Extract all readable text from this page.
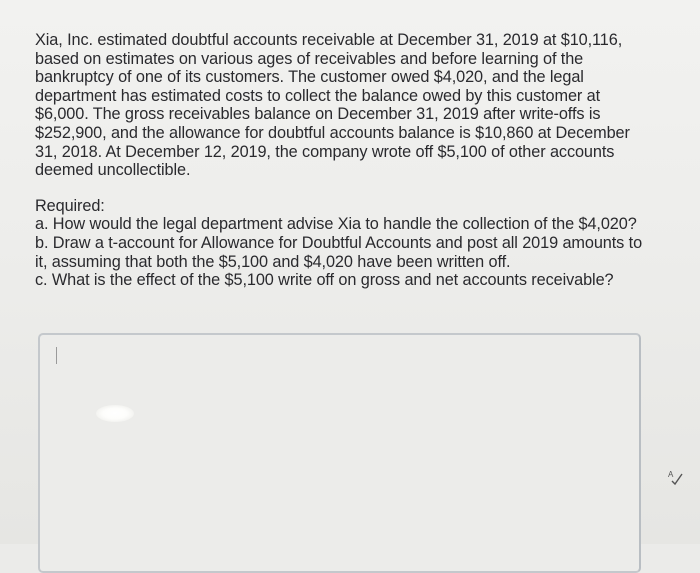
Xia, Inc. estimated doubtful accounts receivable at December 31, 2019 at $10,116, based on estimates on various ages of receivables and before learning of the bankruptcy of one of its customers. The customer owed $4,020, and the legal department has estimated costs to collect the balance owed by this customer at $6,000. The gross receivables balance on December 31, 2019 after write-offs is $252,900, and the allowance for doubtful accounts balance is $10,860 at December 31, 2018. At December 12, 2019, the company wrote off $5,100 of other accounts deemed uncollectible.

Required:

a. How would the legal department advise Xia to handle the collection of the $4,020?

b. Draw a t-account for Allowance for Doubtful Accounts and post all 2019 amounts to it, assuming that both the $5,100 and $4,020 have been written off.

c. What is the effect of the $5,100 write off on gross and net accounts receivable?

A
